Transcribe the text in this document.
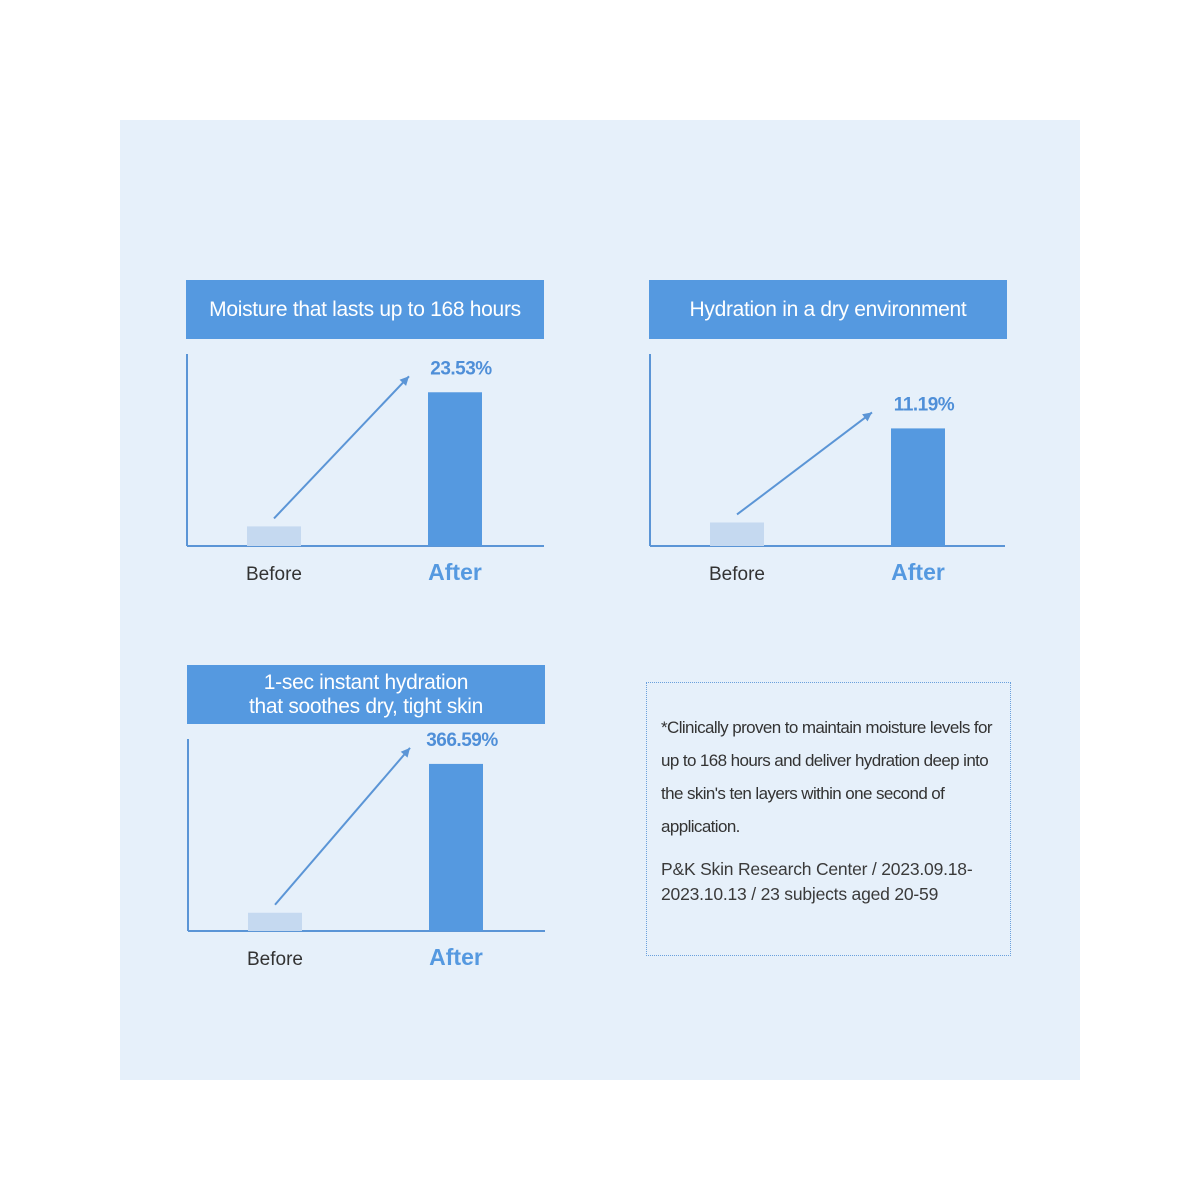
Moisture that lasts up to 168 hours
Before	After
23.53%
Hydration in a dry environment
Before	After
11.19%
1-sec instant hydration
that soothes dry, tight skin
Before	After
366.59%

*Clinically proven to maintain moisture levels for up to 168 hours and deliver hydration deep into the skin's ten layers within one second of application.

P&K Skin Research Center / 2023.09.18-2023.10.13 / 23 subjects aged 20-59
